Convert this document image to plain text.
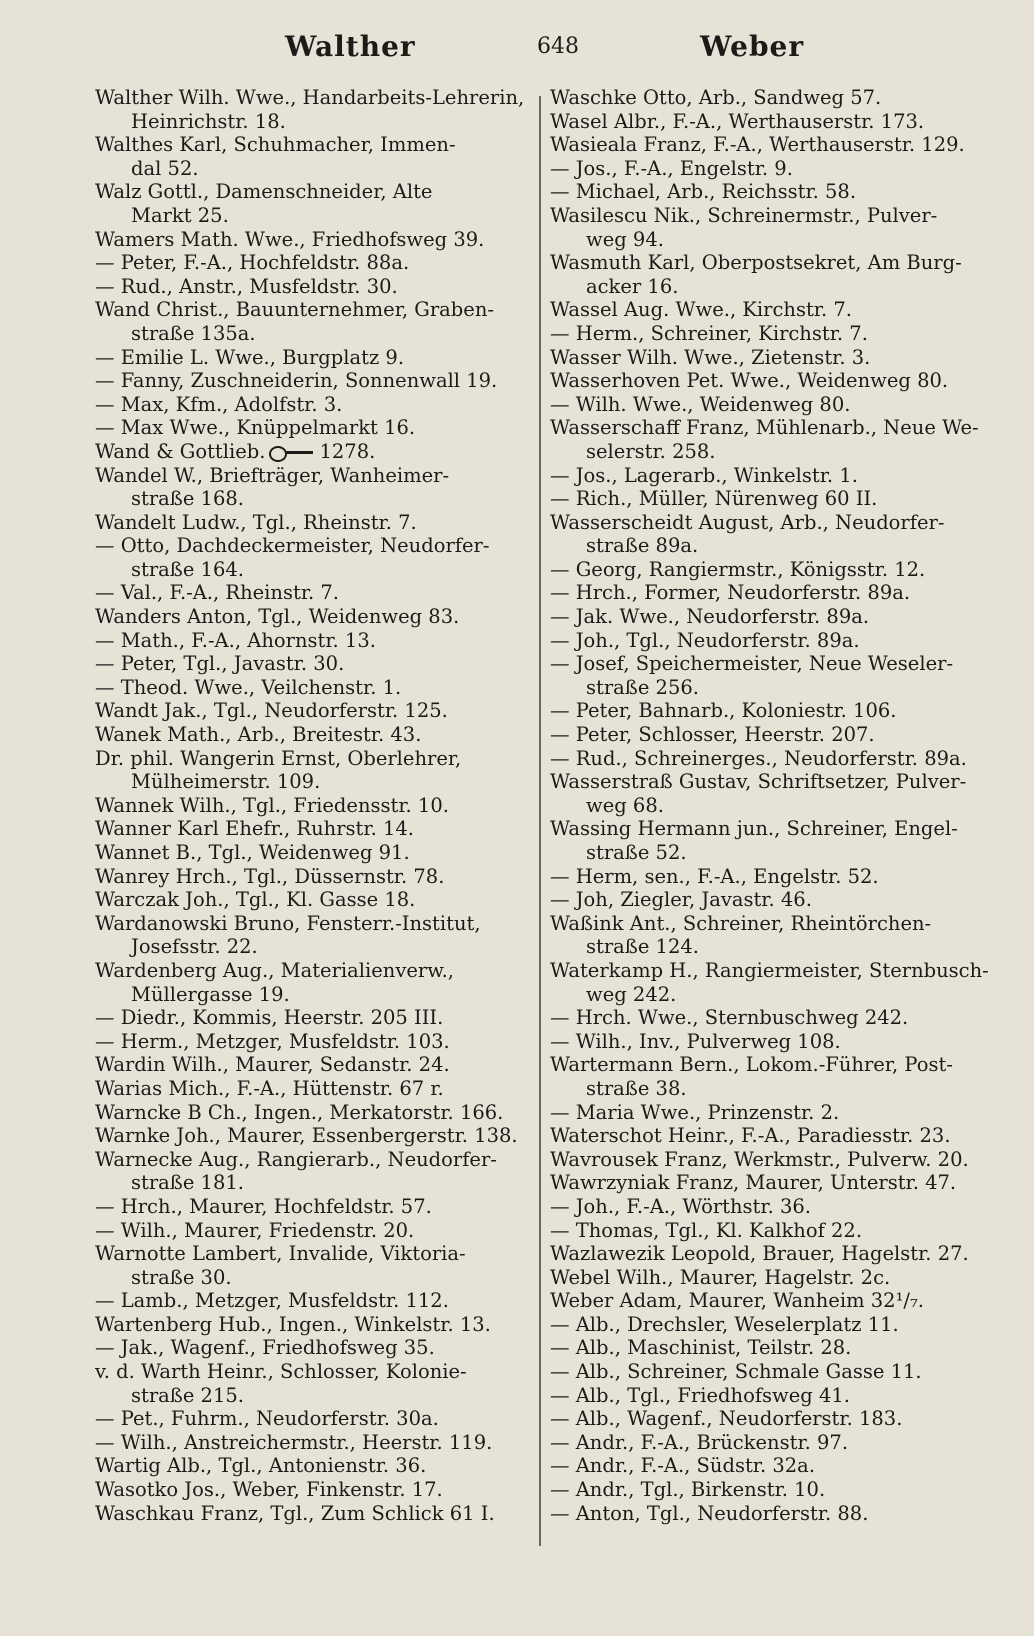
Walther	648	Weber
Walther Wilh. Wwe., Handarbeits-Lehrerin,
Heinrichstr. 18.
Walthes Karl, Schuhmacher, Immen-
dal 52.
Walz Gottl., Damenschneider, Alte
Markt 25.
Wamers Math. Wwe., Friedhofsweg 39.
— Peter, F.-A., Hochfeldstr. 88a.
— Rud., Anstr., Musfeldstr. 30.
Wand Christ., Bauunternehmer, Graben-
straße 135a.
— Emilie L. Wwe., Burgplatz 9.
— Fanny, Zuschneiderin, Sonnenwall 19.
— Max, Kfm., Adolfstr. 3.
— Max Wwe., Knüppelmarkt 16.
Wand & Gottlieb.	1278.
Wandel W., Briefträger, Wanheimer-
straße 168.
Wandelt Ludw., Tgl., Rheinstr. 7.
— Otto, Dachdeckermeister, Neudorfer-
straße 164.
— Val., F.-A., Rheinstr. 7.
Wanders Anton, Tgl., Weidenweg 83.
— Math., F.-A., Ahornstr. 13.
— Peter, Tgl., Javastr. 30.
— Theod. Wwe., Veilchenstr. 1.
Wandt Jak., Tgl., Neudorferstr. 125.
Wanek Math., Arb., Breitestr. 43.
Dr. phil. Wangerin Ernst, Oberlehrer,
Mülheimerstr. 109.
Wannek Wilh., Tgl., Friedensstr. 10.
Wanner Karl Ehefr., Ruhrstr. 14.
Wannet B., Tgl., Weidenweg 91.
Wanrey Hrch., Tgl., Düssernstr. 78.
Warczak Joh., Tgl., Kl. Gasse 18.
Wardanowski Bruno, Fensterr.-Institut,
Josefsstr. 22.
Wardenberg Aug., Materialienverw.,
Müllergasse 19.
— Diedr., Kommis, Heerstr. 205 III.
— Herm., Metzger, Musfeldstr. 103.
Wardin Wilh., Maurer, Sedanstr. 24.
Warias Mich., F.-A., Hüttenstr. 67 r.
Warncke B Ch., Ingen., Merkatorstr. 166.
Warnke Joh., Maurer, Essenbergerstr. 138.
Warnecke Aug., Rangierarb., Neudorfer-
straße 181.
— Hrch., Maurer, Hochfeldstr. 57.
— Wilh., Maurer, Friedenstr. 20.
Warnotte Lambert, Invalide, Viktoria-
straße 30.
— Lamb., Metzger, Musfeldstr. 112.
Wartenberg Hub., Ingen., Winkelstr. 13.
— Jak., Wagenf., Friedhofsweg 35.
v. d. Warth Heinr., Schlosser, Kolonie-
straße 215.
— Pet., Fuhrm., Neudorferstr. 30a.
— Wilh., Anstreichermstr., Heerstr. 119.
Wartig Alb., Tgl., Antonienstr. 36.
Wasotko Jos., Weber, Finkenstr. 17.
Waschkau Franz, Tgl., Zum Schlick 61 I.
Waschke Otto, Arb., Sandweg 57.
Wasel Albr., F.-A., Werthauserstr. 173.
Wasieala Franz, F.-A., Werthauserstr. 129.
— Jos., F.-A., Engelstr. 9.
— Michael, Arb., Reichsstr. 58.
Wasilescu Nik., Schreinermstr., Pulver-
weg 94.
Wasmuth Karl, Oberpostsekret, Am Burg-
acker 16.
Wassel Aug. Wwe., Kirchstr. 7.
— Herm., Schreiner, Kirchstr. 7.
Wasser Wilh. Wwe., Zietenstr. 3.
Wasserhoven Pet. Wwe., Weidenweg 80.
— Wilh. Wwe., Weidenweg 80.
Wasserschaff Franz, Mühlenarb., Neue We-
selerstr. 258.
— Jos., Lagerarb., Winkelstr. 1.
— Rich., Müller, Nürenweg 60 II.
Wasserscheidt August, Arb., Neudorfer-
straße 89a.
— Georg, Rangiermstr., Königsstr. 12.
— Hrch., Former, Neudorferstr. 89a.
— Jak. Wwe., Neudorferstr. 89a.
— Joh., Tgl., Neudorferstr. 89a.
— Josef, Speichermeister, Neue Weseler-
straße 256.
— Peter, Bahnarb., Koloniestr. 106.
— Peter, Schlosser, Heerstr. 207.
— Rud., Schreinerges., Neudorferstr. 89a.
Wasserstraß Gustav, Schriftsetzer, Pulver-
weg 68.
Wassing Hermann jun., Schreiner, Engel-
straße 52.
— Herm, sen., F.-A., Engelstr. 52.
— Joh, Ziegler, Javastr. 46.
Waßink Ant., Schreiner, Rheintörchen-
straße 124.
Waterkamp H., Rangiermeister, Sternbusch-
weg 242.
— Hrch. Wwe., Sternbuschweg 242.
— Wilh., Inv., Pulverweg 108.
Wartermann Bern., Lokom.-Führer, Post-
straße 38.
— Maria Wwe., Prinzenstr. 2.
Waterschot Heinr., F.-A., Paradiesstr. 23.
Wavrousek Franz, Werkmstr., Pulverw. 20.
Wawrzyniak Franz, Maurer, Unterstr. 47.
— Joh., F.-A., Wörthstr. 36.
— Thomas, Tgl., Kl. Kalkhof 22.
Wazlawezik Leopold, Brauer, Hagelstr. 27.
Webel Wilh., Maurer, Hagelstr. 2c.
Weber Adam, Maurer, Wanheim 32¹/₇.
— Alb., Drechsler, Weselerplatz 11.
— Alb., Maschinist, Teilstr. 28.
— Alb., Schreiner, Schmale Gasse 11.
— Alb., Tgl., Friedhofsweg 41.
— Alb., Wagenf., Neudorferstr. 183.
— Andr., F.-A., Brückenstr. 97.
— Andr., F.-A., Südstr. 32a.
— Andr., Tgl., Birkenstr. 10.
— Anton, Tgl., Neudorferstr. 88.
